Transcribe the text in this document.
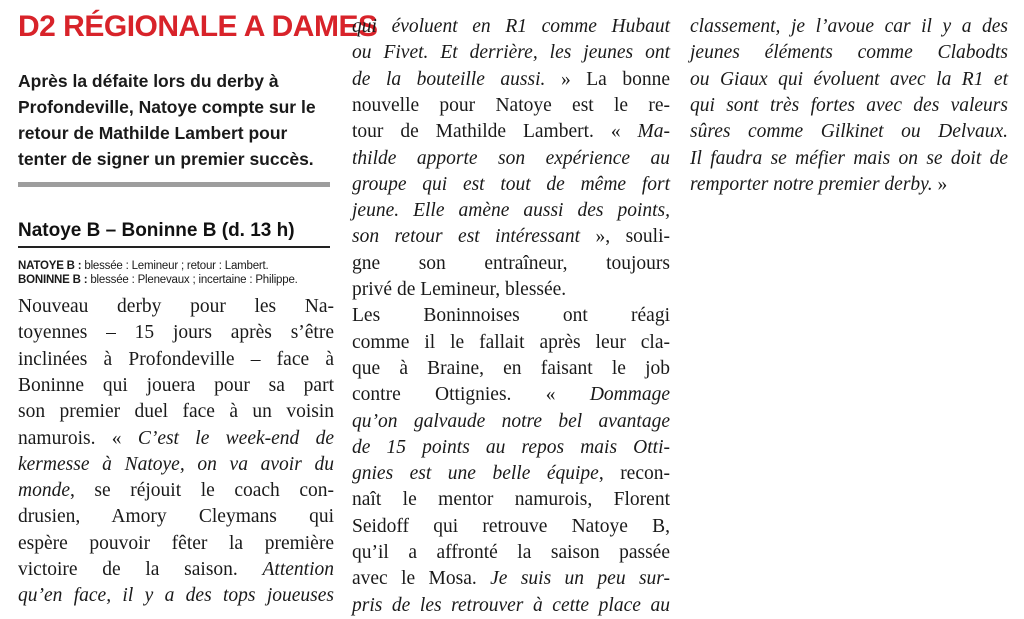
D2 RÉGIONALE A DAMES
Après la défaite lors du derby à Profondeville, Natoye compte sur le retour de Mathilde Lambert pour tenter de signer un premier succès.
Natoye B – Boninne B (d. 13 h)
NATOYE B : blessée : Lemineur ; retour : Lambert.
BONINNE B : blessée : Plenevaux ; incertaine : Philippe.
Nouveau derby pour les Na-
toyennes – 15 jours après s’être
inclinées à Profondeville – face à
Boninne qui jouera pour sa part
son premier duel face à un voisin
namurois. « C’est le week-end de
kermesse à Natoye, on va avoir du
monde, se réjouit le coach con-
drusien, Amory Cleymans qui
espère pouvoir fêter la première
victoire de la saison. Attention
qu’en face, il y a des tops joueuses
qui évoluent en R1 comme Hubaut
ou Fivet. Et derrière, les jeunes ont
de la bouteille aussi. » La bonne
nouvelle pour Natoye est le re-
tour de Mathilde Lambert. « Ma-
thilde apporte son expérience au
groupe qui est tout de même fort
jeune. Elle amène aussi des points,
son retour est intéressant », souli-
gne son entraîneur, toujours
privé de Lemineur, blessée.
Les Boninnoises ont réagi
comme il le fallait après leur cla-
que à Braine, en faisant le job
contre Ottignies. « Dommage
qu’on galvaude notre bel avantage
de 15 points au repos mais Otti-
gnies est une belle équipe, recon-
naît le mentor namurois, Florent
Seidoff qui retrouve Natoye B,
qu’il a affronté la saison passée
avec le Mosa. Je suis un peu sur-
pris de les retrouver à cette place au
classement, je l’avoue car il y a des
jeunes éléments comme Clabodts
ou Giaux qui évoluent avec la R1 et
qui sont très fortes avec des valeurs
sûres comme Gilkinet ou Delvaux.
Il faudra se méfier mais on se doit de
remporter notre premier derby. »
